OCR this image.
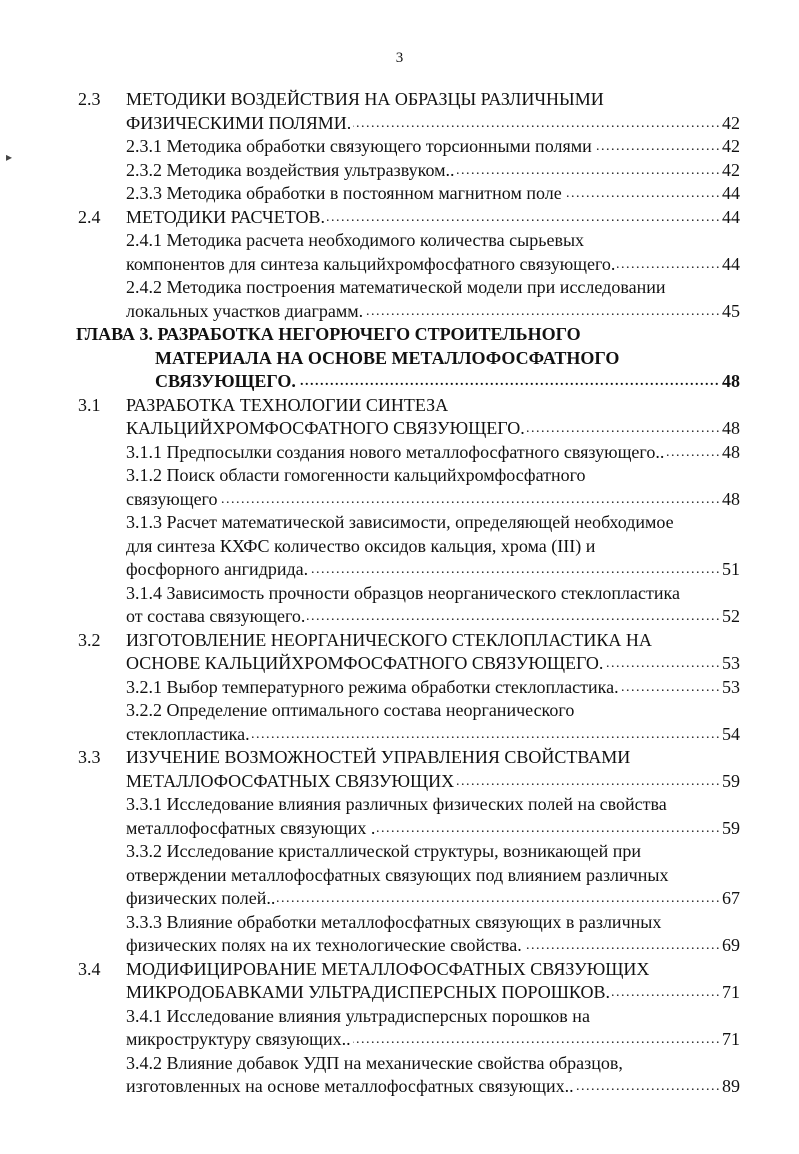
3
2.3 МЕТОДИКИ ВОЗДЕЙСТВИЯ НА ОБРАЗЦЫ РАЗЛИЧНЫМИ
. . . ФИЗИЧЕСКИМИ ПОЛЯМИ.	42
. . . 2.3.1 Методика обработки связующего торсионными полями	42
. . . 2.3.2 Методика воздействия ультразвуком..	42
. . . 2.3.3 Методика обработки в постоянном магнитном поле	44
2.4 . . . МЕТОДИКИ РАСЧЕТОВ.	44
2.4.1 Методика расчета необходимого количества сырьевых
. . . компонентов для синтеза кальцийхромфосфатного связующего.	44
2.4.2 Методика построения математической модели при исследовании
. . . локальных участков диаграмм.	45
ГЛАВА 3. РАЗРАБОТКА НЕГОРЮЧЕГО СТРОИТЕЛЬНОГО
МАТЕРИАЛА НА ОСНОВЕ МЕТАЛЛОФОСФАТНОГО
. . . СВЯЗУЮЩЕГО.	48
3.1 РАЗРАБОТКА ТЕХНОЛОГИИ СИНТЕЗА
. . . КАЛЬЦИЙХРОМФОСФАТНОГО СВЯЗУЮЩЕГО.	48
. . . 3.1.1 Предпосылки создания нового металлофосфатного связующего..	48
3.1.2 Поиск области гомогенности кальцийхромфосфатного
. . . связующего	48
3.1.3 Расчет математической зависимости, определяющей необходимое
для синтеза КХФС количество оксидов кальция, хрома (III) и
. . . фосфорного ангидрида.	51
3.1.4 Зависимость прочности образцов неорганического стеклопластика
. . . от состава связующего.	52
3.2 ИЗГОТОВЛЕНИЕ НЕОРГАНИЧЕСКОГО СТЕКЛОПЛАСТИКА НА
. . . ОСНОВЕ КАЛЬЦИЙХРОМФОСФАТНОГО СВЯЗУЮЩЕГО.	53
. . . 3.2.1 Выбор температурного режима обработки стеклопластика.	53
3.2.2 Определение оптимального состава неорганического
. . . стеклопластика.	54
3.3 ИЗУЧЕНИЕ ВОЗМОЖНОСТЕЙ УПРАВЛЕНИЯ СВОЙСТВАМИ
. . . МЕТАЛЛОФОСФАТНЫХ СВЯЗУЮЩИХ	59
3.3.1 Исследование влияния различных физических полей на свойства
. . . металлофосфатных связующих .	59
3.3.2 Исследование кристаллической структуры, возникающей при
отверждении металлофосфатных связующих под влиянием различных
. . . физических полей..	67
3.3.3 Влияние обработки металлофосфатных связующих в различных
. . . физических полях на их технологические свойства.	69
3.4 МОДИФИЦИРОВАНИЕ МЕТАЛЛОФОСФАТНЫХ СВЯЗУЮЩИХ
. . . МИКРОДОБАВКАМИ УЛЬТРАДИСПЕРСНЫХ ПОРОШКОВ.	71
3.4.1 Исследование влияния ультрадисперсных порошков на
. . . микроструктуру связующих..	71
3.4.2 Влияние добавок УДП на механические свойства образцов,
. . . изготовленных на основе металлофосфатных связующих..	89
▸
